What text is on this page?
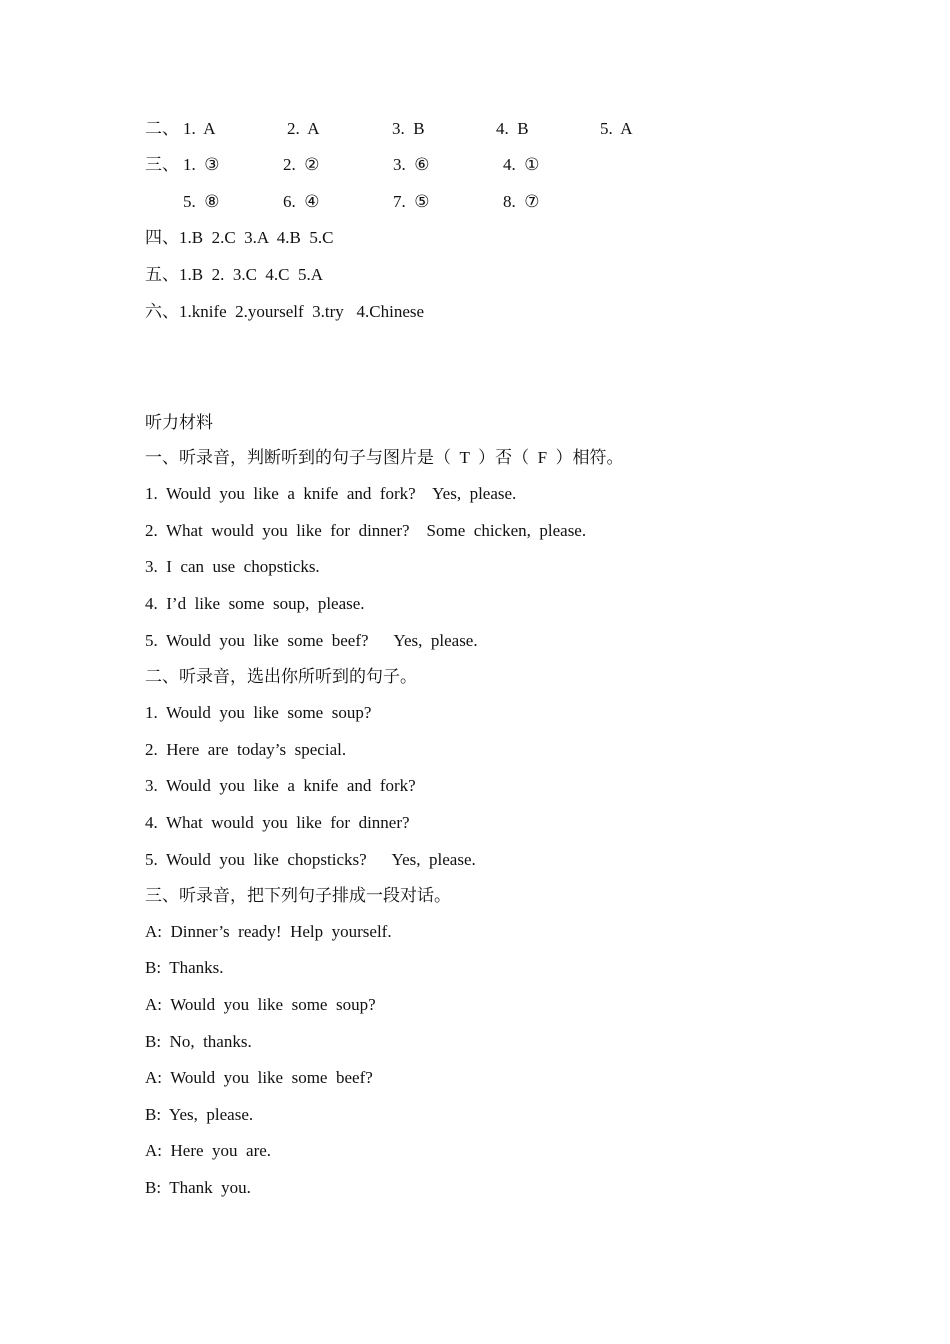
二、 1.  A	2.  A	3.  B	4.  B	5.  A
三、 1.  ③	2.  ②	3.  ⑥	4.  ①
5.  ⑧	6.  ④	7.  ⑤	8.  ⑦
四、1.B  2.C  3.A  4.B  5.C
五、1.B  2.  3.C  4.C  5.A
六、1.knife  2.yourself  3.try   4.Chinese
听力材料
一、听录音，判断听到的句子与图片是（  T  ）否（  F  ）相符。
1.  Would  you  like  a  knife  and  fork?    Yes,  please.
2.  What  would  you  like  for  dinner?    Some  chicken,  please.
3.  I  can  use  chopsticks.
4.  I’d  like  some  soup,  please.
5.  Would  you  like  some  beef?      Yes,  please.
二、听录音，选出你所听到的句子。
1.  Would  you  like  some  soup?
2.  Here  are  today’s  special.
3.  Would  you  like  a  knife  and  fork?
4.  What  would  you  like  for  dinner?
5.  Would  you  like  chopsticks?      Yes,  please.
三、听录音，把下列句子排成一段对话。
A:  Dinner’s  ready!  Help  yourself.
B:  Thanks.
A:  Would  you  like  some  soup?
B:  No,  thanks.
A:  Would  you  like  some  beef?
B:  Yes,  please.
A:  Here  you  are.
B:  Thank  you.
